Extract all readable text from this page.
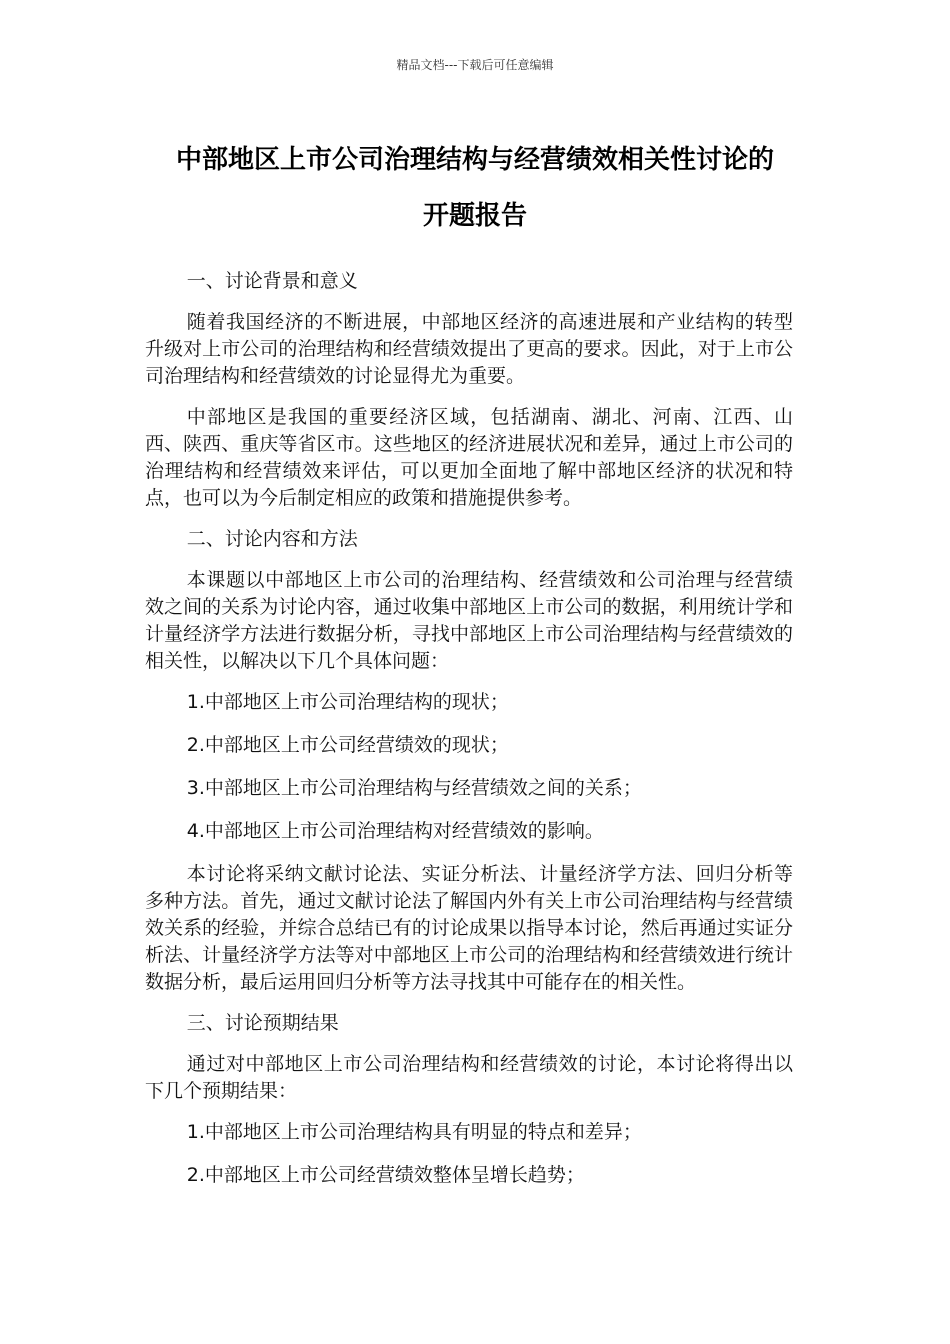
精品文档---下载后可任意编辑
中部地区上市公司治理结构与经营绩效相关性讨论的
开题报告

一、讨论背景和意义

随着我国经济的不断进展，中部地区经济的高速进展和产业结构的转型升级对上市公司的治理结构和经营绩效提出了更高的要求。因此，对于上市公司治理结构和经营绩效的讨论显得尤为重要。

中部地区是我国的重要经济区域，包括湖南、湖北、河南、江西、山西、陕西、重庆等省区市。这些地区的经济进展状况和差异，通过上市公司的治理结构和经营绩效来评估，可以更加全面地了解中部地区经济的状况和特点，也可以为今后制定相应的政策和措施提供参考。

二、讨论内容和方法

本课题以中部地区上市公司的治理结构、经营绩效和公司治理与经营绩效之间的关系为讨论内容，通过收集中部地区上市公司的数据，利用统计学和计量经济学方法进行数据分析，寻找中部地区上市公司治理结构与经营绩效的相关性，以解决以下几个具体问题：

1.中部地区上市公司治理结构的现状；

2.中部地区上市公司经营绩效的现状；

3.中部地区上市公司治理结构与经营绩效之间的关系；

4.中部地区上市公司治理结构对经营绩效的影响。

本讨论将采纳文献讨论法、实证分析法、计量经济学方法、回归分析等多种方法。首先，通过文献讨论法了解国内外有关上市公司治理结构与经营绩效关系的经验，并综合总结已有的讨论成果以指导本讨论，然后再通过实证分析法、计量经济学方法等对中部地区上市公司的治理结构和经营绩效进行统计数据分析，最后运用回归分析等方法寻找其中可能存在的相关性。

三、讨论预期结果

通过对中部地区上市公司治理结构和经营绩效的讨论，本讨论将得出以下几个预期结果：

1.中部地区上市公司治理结构具有明显的特点和差异；

2.中部地区上市公司经营绩效整体呈增长趋势；
